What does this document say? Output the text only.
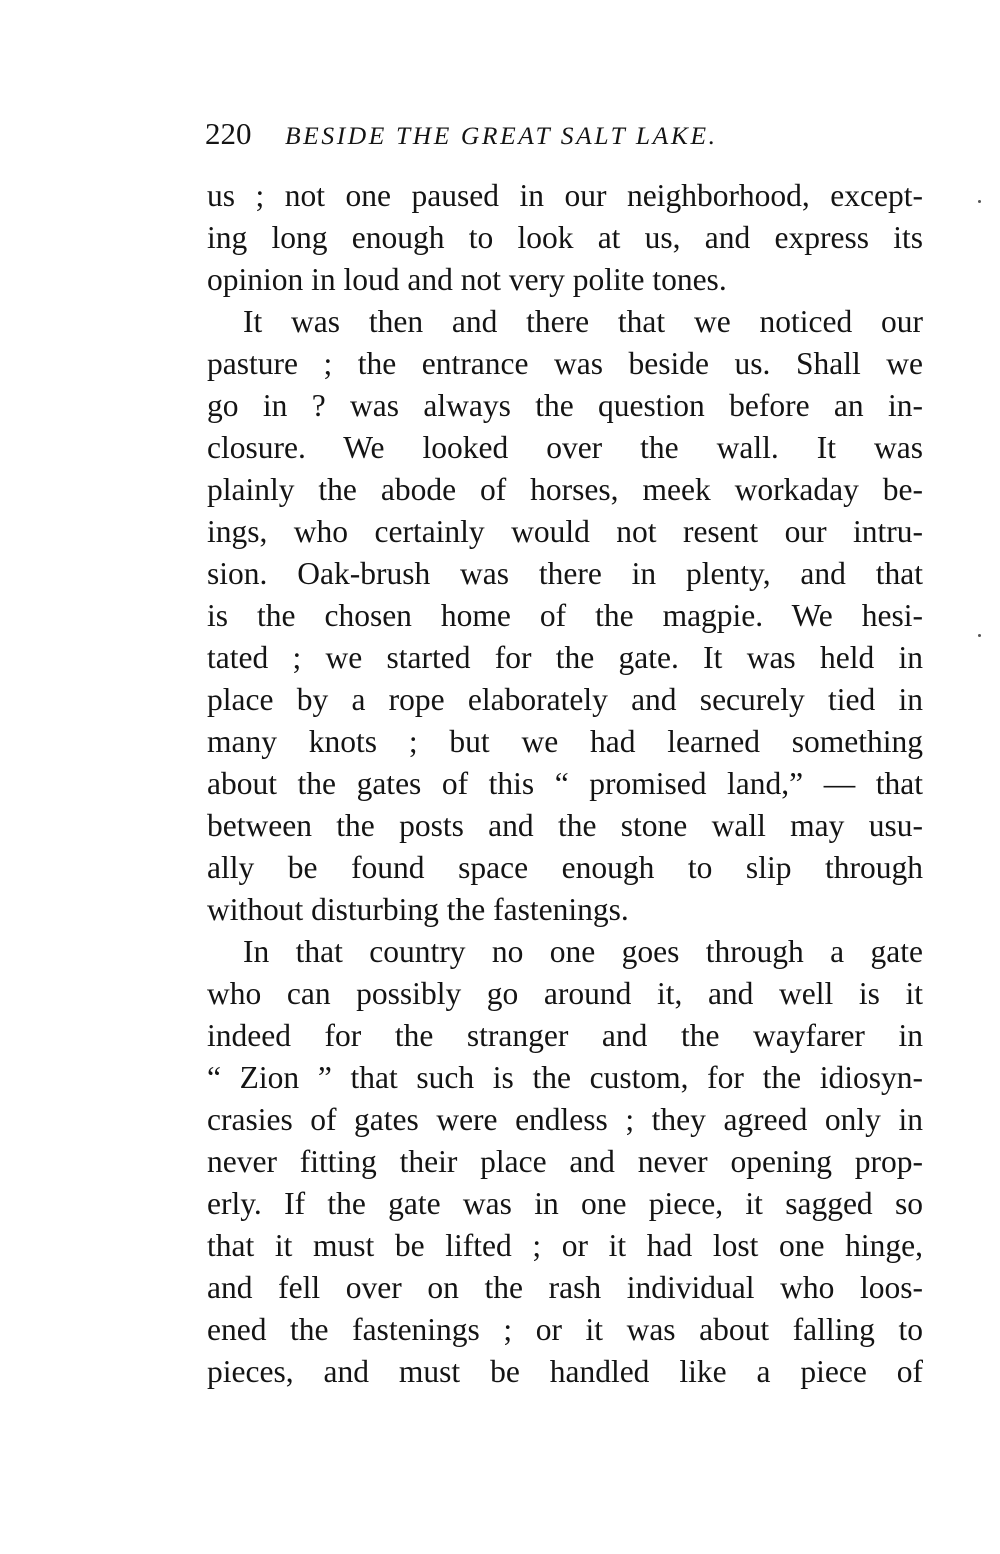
220 BESIDE THE GREAT SALT LAKE.
us ; not one paused in our neighborhood, except-
ing long enough to look at us, and express its
opinion in loud and not very polite tones.
It was then and there that we noticed our
pasture ; the entrance was beside us. Shall we
go in ? was always the question before an in-
closure. We looked over the wall. It was
plainly the abode of horses, meek workaday be-
ings, who certainly would not resent our intru-
sion. Oak-brush was there in plenty, and that
is the chosen home of the magpie. We hesi-
tated ; we started for the gate. It was held in
place by a rope elaborately and securely tied in
many knots ; but we had learned something
about the gates of this “ promised land,” — that
between the posts and the stone wall may usu-
ally be found space enough to slip through
without disturbing the fastenings.
In that country no one goes through a gate
who can possibly go around it, and well is it
indeed for the stranger and the wayfarer in
“ Zion ” that such is the custom, for the idiosyn-
crasies of gates were endless ; they agreed only in
never fitting their place and never opening prop-
erly. If the gate was in one piece, it sagged so
that it must be lifted ; or it had lost one hinge,
and fell over on the rash individual who loos-
ened the fastenings ; or it was about falling to
pieces, and must be handled like a piece of
